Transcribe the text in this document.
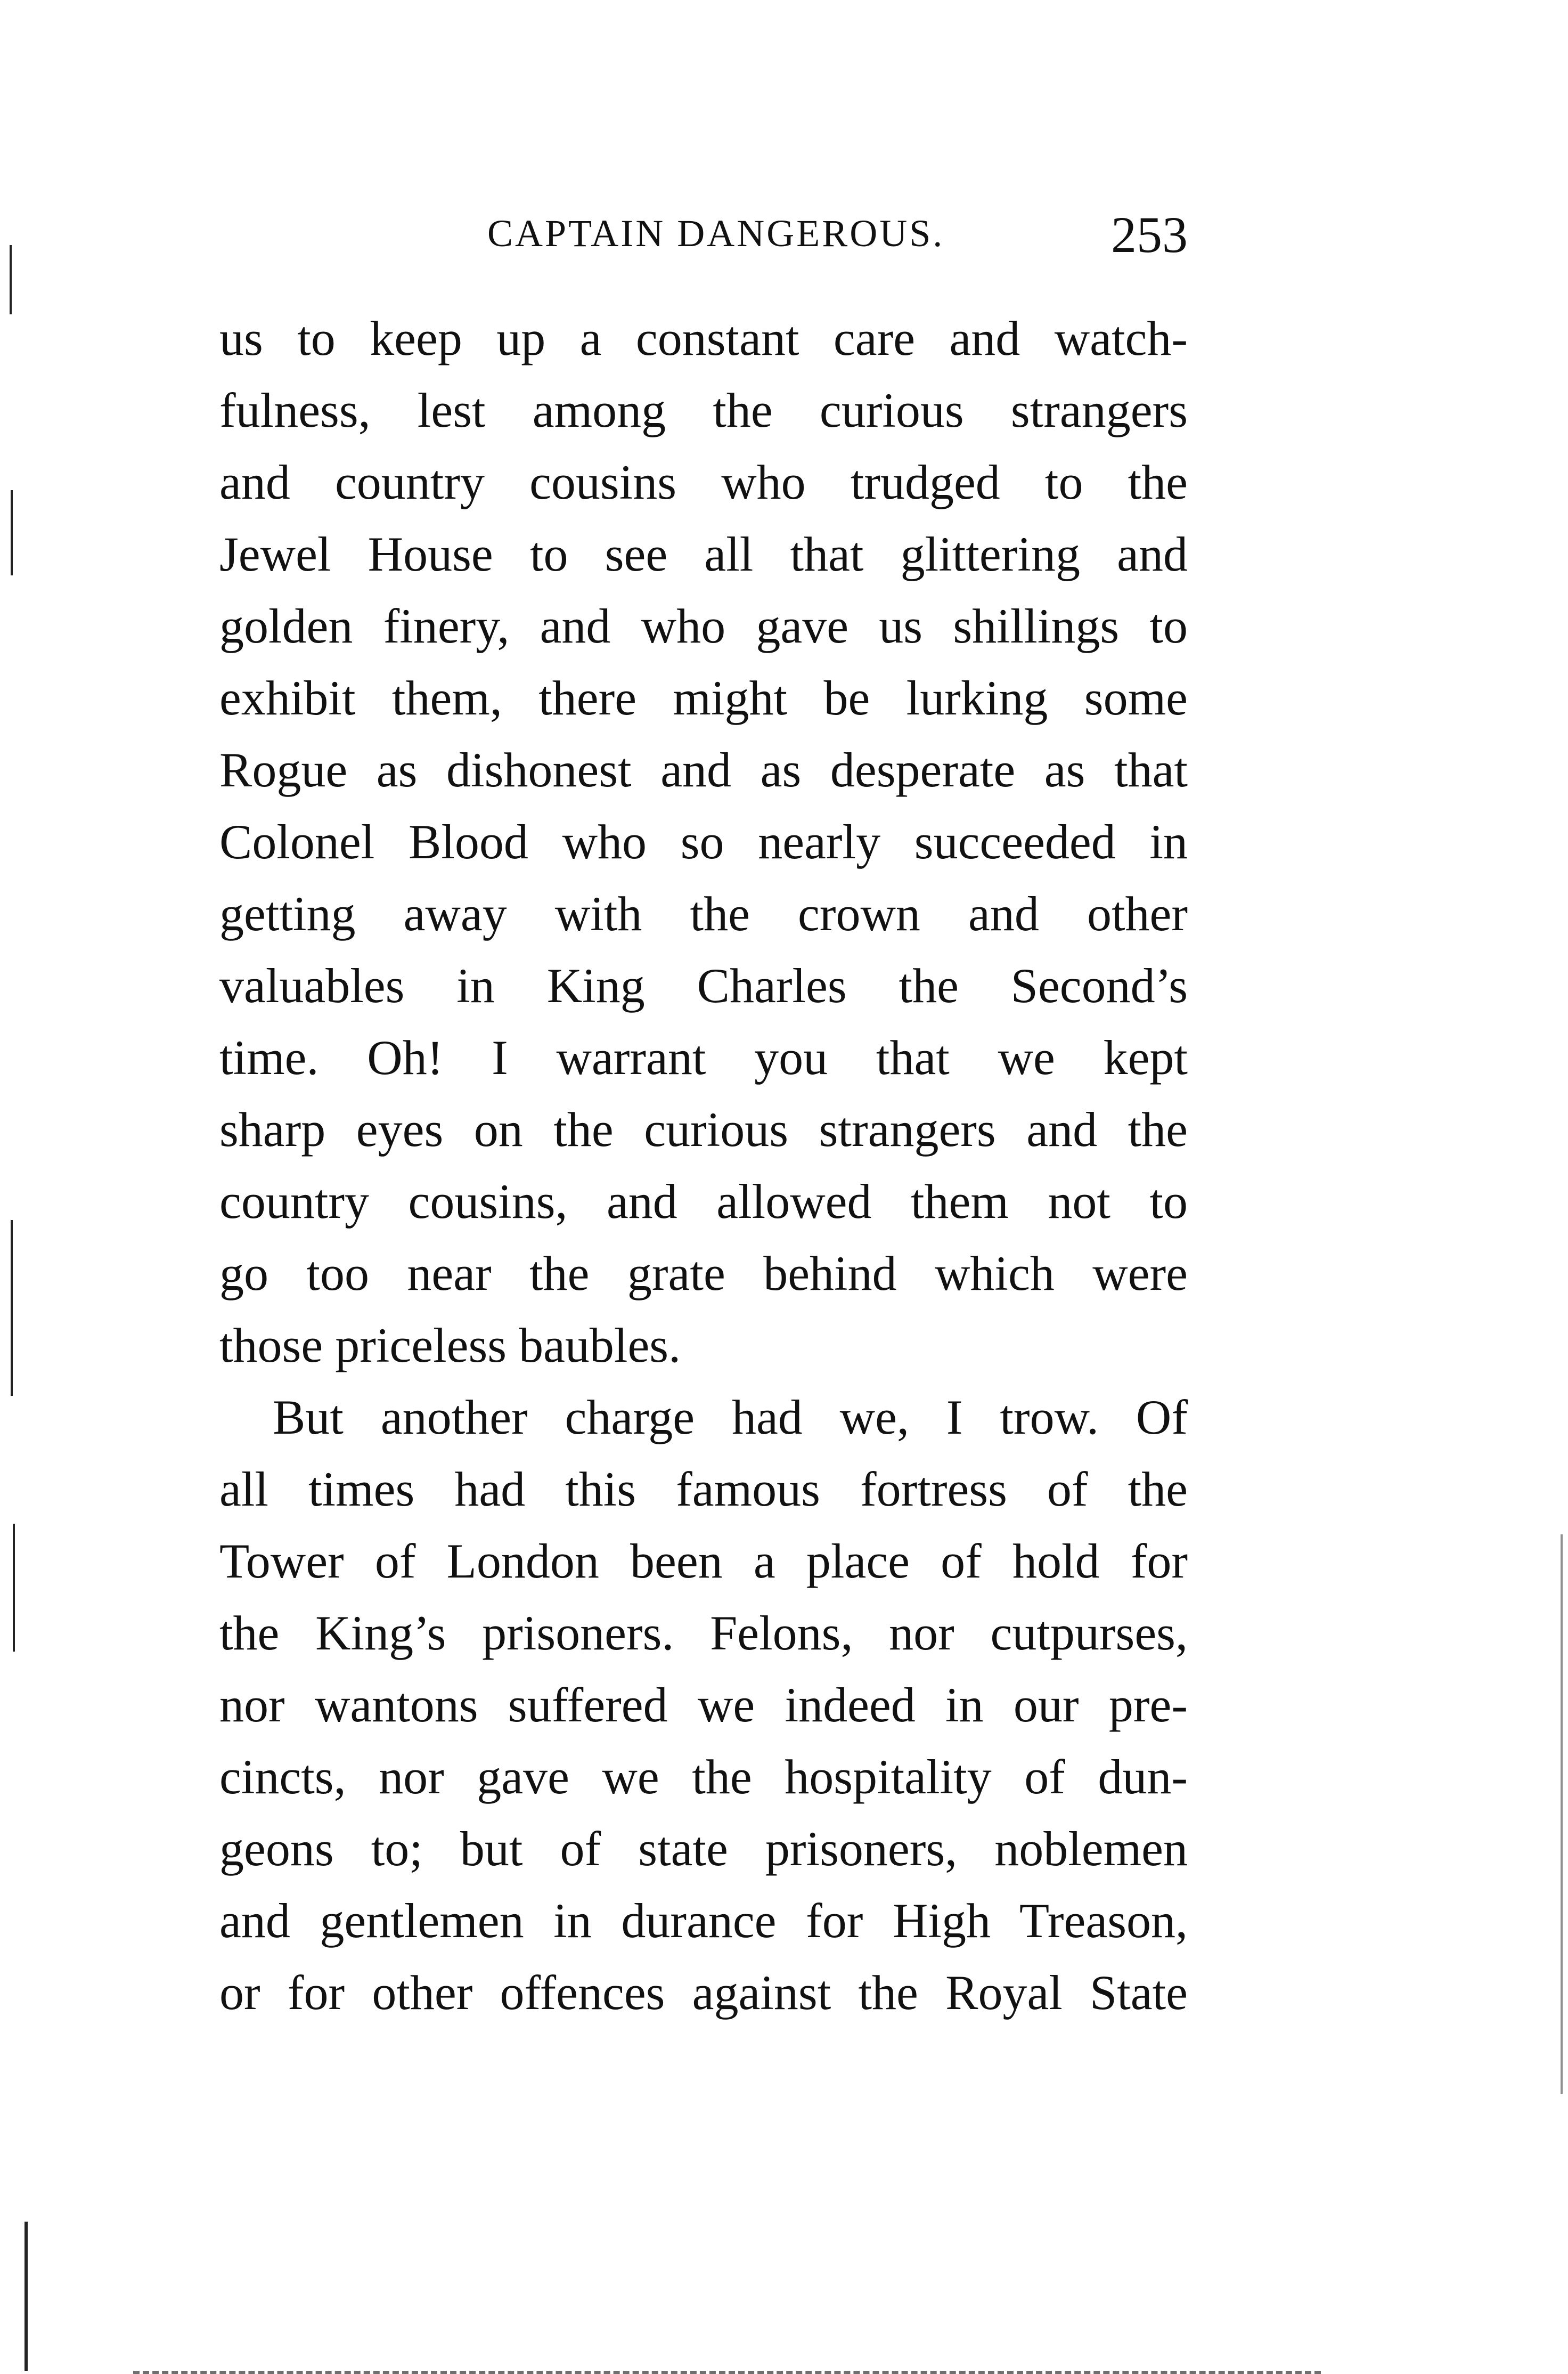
CAPTAIN DANGEROUS.	253
us to keep up a constant care and watch-
fulness, lest among the curious strangers
and country cousins who trudged to the
Jewel House to see all that glittering and
golden finery, and who gave us shillings to
exhibit them, there might be lurking some
Rogue as dishonest and as desperate as that
Colonel Blood who so nearly succeeded in
getting away with the crown and other
valuables in King Charles the Second’s
time. Oh! I warrant you that we kept
sharp eyes on the curious strangers and the
country cousins, and allowed them not to
go too near the grate behind which were
those priceless baubles.
But another charge had we, I trow. Of
all times had this famous fortress of the
Tower of London been a place of hold for
the King’s prisoners. Felons, nor cutpurses,
nor wantons suffered we indeed in our pre-
cincts, nor gave we the hospitality of dun-
geons to; but of state prisoners, noblemen
and gentlemen in durance for High Treason,
or for other offences against the Royal State
